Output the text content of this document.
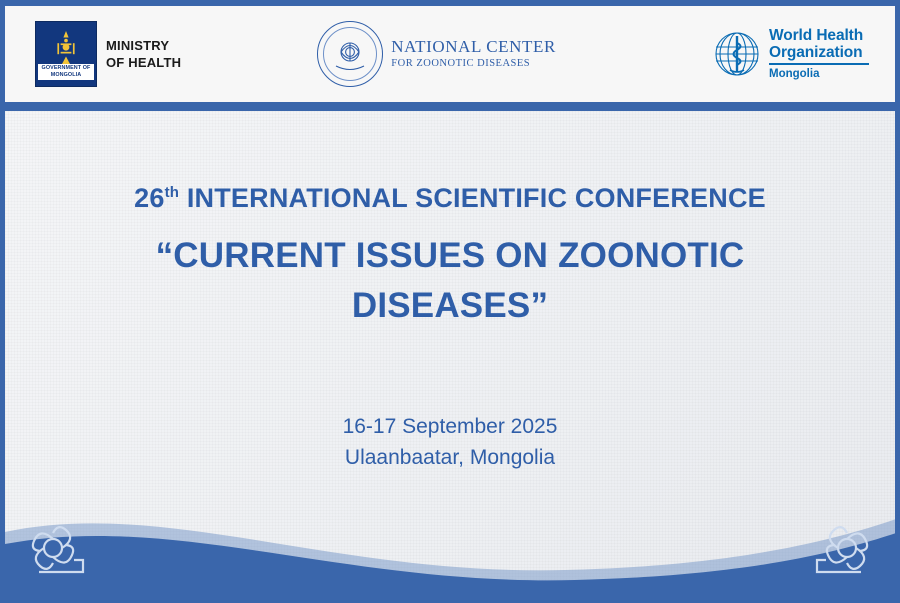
GOVERNMENT OF
MONGOLIA
MINISTRY
OF HEALTH
NATIONAL CENTER
FOR ZOONOTIC DISEASES
World Health
Organization
Mongolia
26th INTERNATIONAL SCIENTIFIC CONFERENCE
“CURRENT ISSUES ON ZOONOTIC
DISEASES”
16-17 September 2025
Ulaanbaatar, Mongolia
